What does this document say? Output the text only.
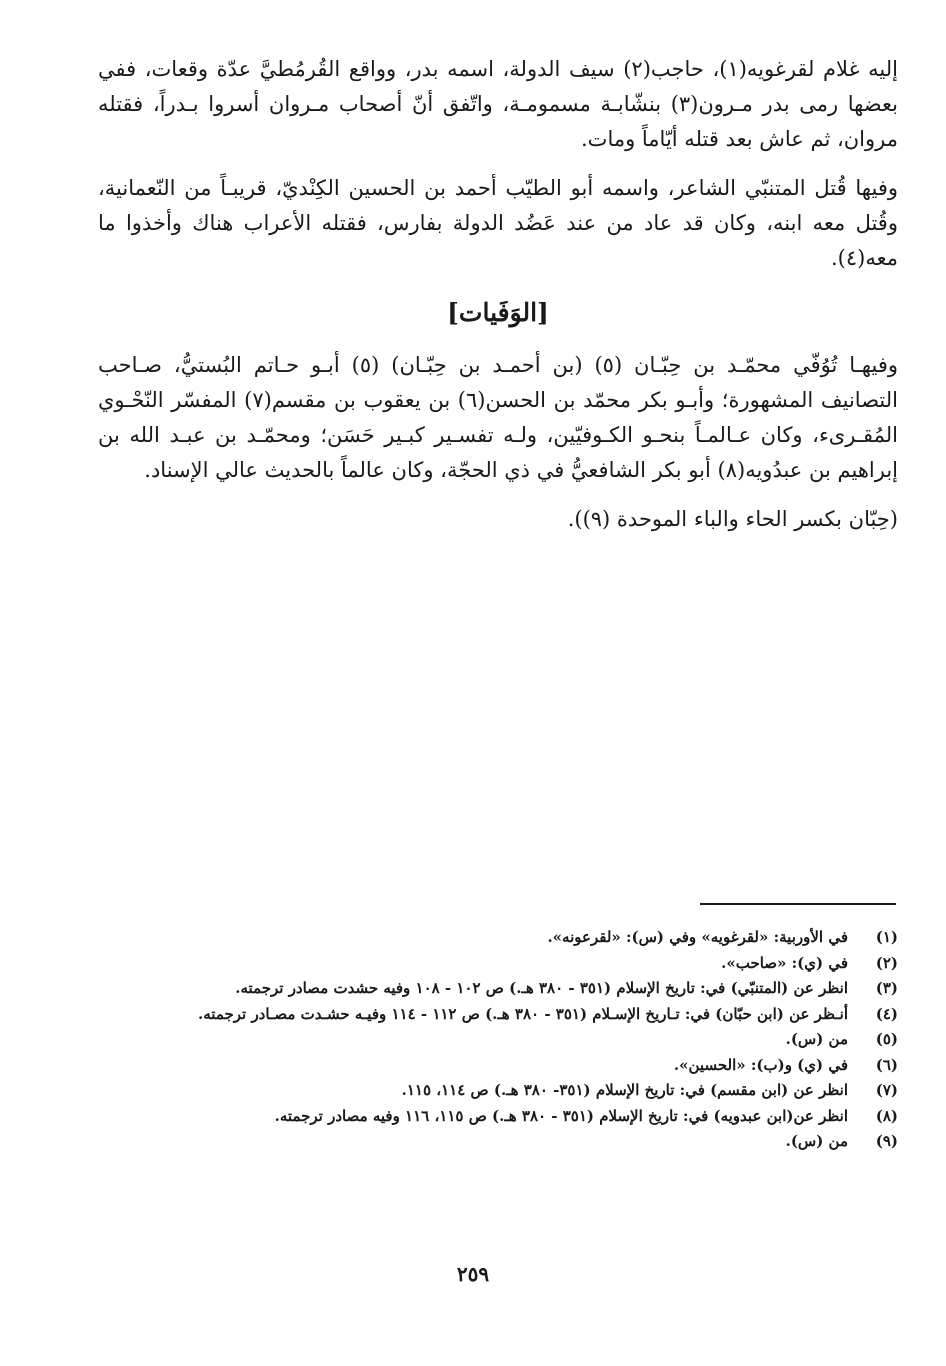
إليه غلام لقرغويه(١)، حاجب(٢) سيف الدولة، اسمه بدر، وواقع القُرمُطيَّ عدّة وقعات، ففي بعضها رمى بدر مـرون(٣) بنشّابـة مسمومـة، واتّفق أنّ أصحاب مـروان أسروا بـدراً، فقتله مروان، ثم عاش بعد قتله أيّاماً ومات.

وفيها قُتل المتنبّي الشاعر، واسمه أبو الطيّب أحمد بن الحسين الكِنْديّ، قريبـاً من النّعمانية، وقُتل معه ابنه، وكان قد عاد من عند عَضُد الدولة بفارس، فقتله الأعراب هناك وأخذوا ما معه(٤).

[الوَفَيات]

وفيهـا تُوُفّي محمّـد بن حِبّـان (٥) (بن أحمـد بن حِبّـان) (٥) أبـو حـاتم البُستيُّ، صـاحب التصانيف المشهورة؛ وأبـو بكر محمّد بن الحسن(٦) بن يعقوب بن مقسم(٧) المفسّر النّحْـوي المُقـرىء، وكان عـالمـاً بنحـو الكـوفيّين، ولـه تفسـير كبـير حَسَن؛ ومحمّـد بن عبـد الله بن إبراهيم بن عبدُويه(٨) أبو بكر الشافعيُّ في ذي الحجّة، وكان عالماً بالحديث عالي الإسناد.

(حِبّان بكسر الحاء والباء الموحدة (٩)).

(١)
في الأوربية: «لقرغويه» وفي (س): «لقرعونه».
(٢)
في (ي): «صاحب».
(٣)
انظر عن (المتنبّي) في: تاريخ الإسلام (٣٥١ - ٣٨٠ هـ.) ص ١٠٢ - ١٠٨ وفيه حشدت مصادر ترجمته.
(٤)
أنـظر عن (ابن حبّان) في: تـاريخ الإسـلام (٣٥١ - ٣٨٠ هـ.) ص ١١٢ - ١١٤ وفيـه حشـدت مصـادر ترجمته.
(٥)
من (س).
(٦)
في (ي) و(ب): «الحسين».
(٧)
انظر عن (ابن مقسم) في: تاريخ الإسلام (٣٥١- ٣٨٠ هـ.) ص ١١٤، ١١٥.
(٨)
انظر عن(ابن عبدويه) في: تاريخ الإسلام (٣٥١ - ٣٨٠ هـ.) ص ١١٥، ١١٦ وفيه مصادر ترجمته.
(٩)
من (س).
٢٥٩
